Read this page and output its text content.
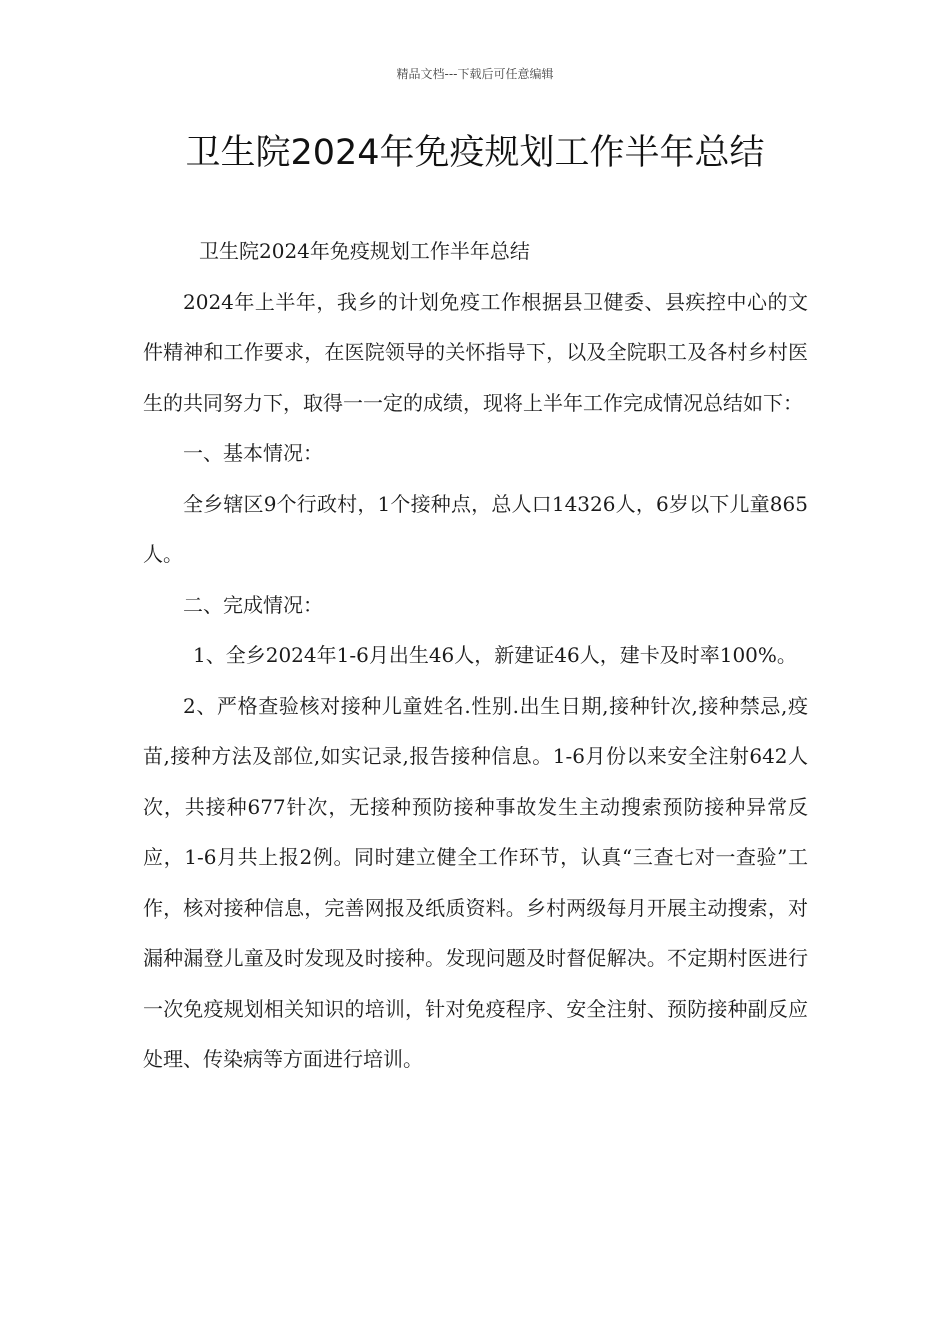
精品文档---下载后可任意编辑
卫生院2024年免疫规划工作半年总结

卫生院2024年免疫规划工作半年总结

2024年上半年，我乡的计划免疫工作根据县卫健委、县疾控中心的文件精神和工作要求，在医院领导的关怀指导下，以及全院职工及各村乡村医生的共同努力下，取得一一定的成绩，现将上半年工作完成情况总结如下：

一、基本情况：

全乡辖区9个行政村，1个接种点，总人口14326人，6岁以下儿童865人。

二、完成情况：

1、全乡2024年1-6月出生46人，新建证46人，建卡及时率100%。

2、严格查验核对接种儿童姓名.性别.出生日期,接种针次,接种禁忌,疫苗,接种方法及部位,如实记录,报告接种信息。1-6月份以来安全注射642人次，共接种677针次，无接种预防接种事故发生主动搜索预防接种异常反应，1-6月共上报2例。同时建立健全工作环节，认真“三查七对一查验”工作，核对接种信息，完善网报及纸质资料。乡村两级每月开展主动搜索，对漏种漏登儿童及时发现及时接种。发现问题及时督促解决。不定期村医进行一次免疫规划相关知识的培训，针对免疫程序、安全注射、预防接种副反应处理、传染病等方面进行培训。
